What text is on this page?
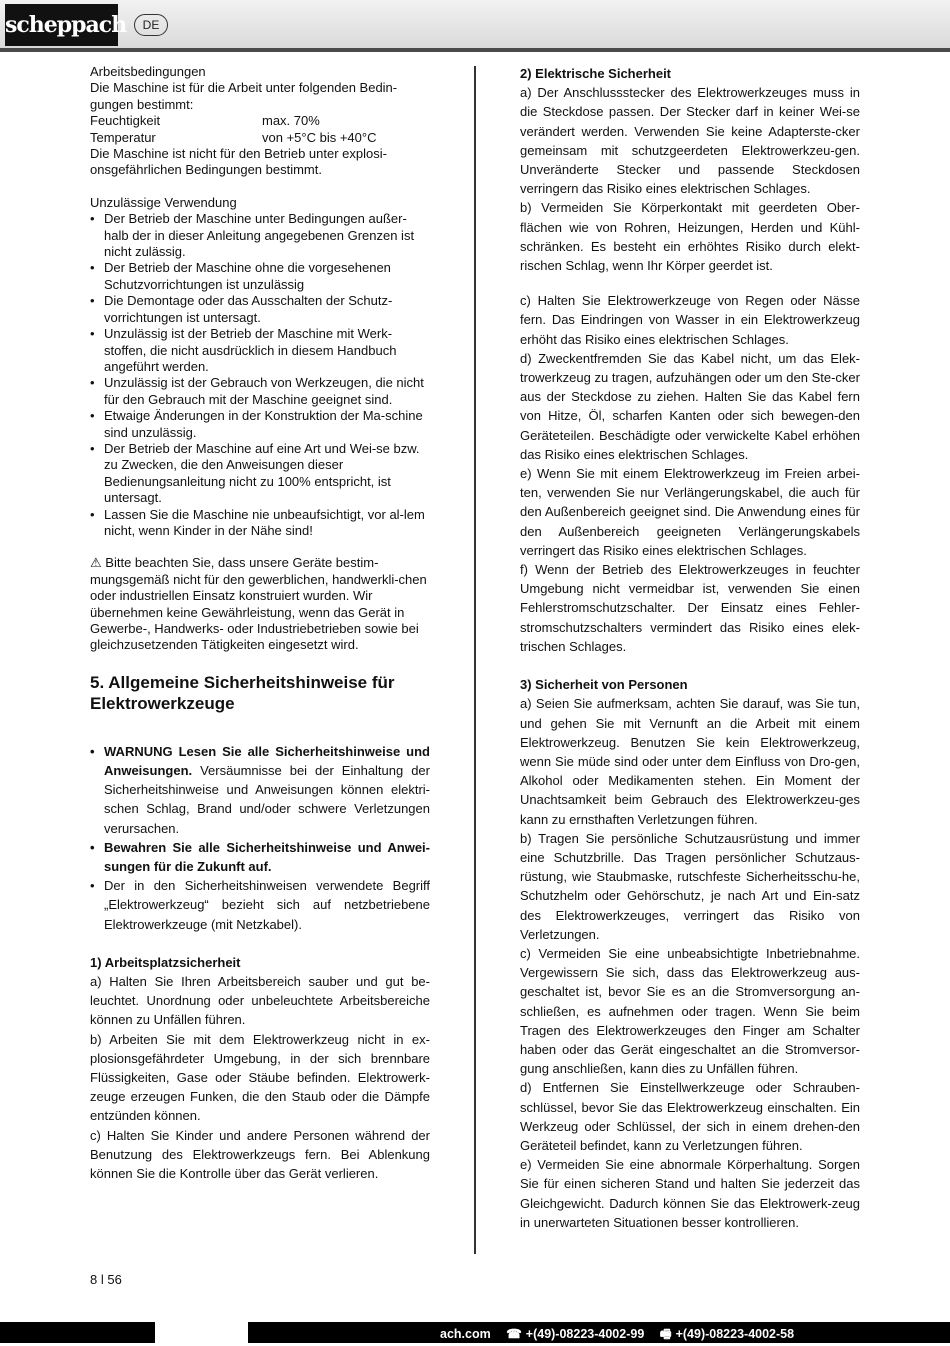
scheppach	DE

Arbeitsbedingungen

Die Maschine ist für die Arbeit unter folgenden Bedin-gungen bestimmt:

Feuchtigkeit	max. 70%
Temperatur	von +5°C bis +40°C

Die Maschine ist nicht für den Betrieb unter explosi-onsgefährlichen Bedingungen bestimmt.

Unzulässige Verwendung

• Der Betrieb der Maschine unter Bedingungen außer-halb der in dieser Anleitung angegebenen Grenzen ist nicht zulässig.
• Der Betrieb der Maschine ohne die vorgesehenen Schutzvorrichtungen ist unzulässig
• Die Demontage oder das Ausschalten der Schutz-vorrichtungen ist untersagt.
• Unzulässig ist der Betrieb der Maschine mit Werk-stoffen, die nicht ausdrücklich in diesem Handbuch angeführt werden.
• Unzulässig ist der Gebrauch von Werkzeugen, die nicht für den Gebrauch mit der Maschine geeignet sind.
• Etwaige Änderungen in der Konstruktion der Ma-schine sind unzulässig.
• Der Betrieb der Maschine auf eine Art und Wei-se bzw. zu Zwecken, die den Anweisungen dieser Bedienungsanleitung nicht zu 100% entspricht, ist untersagt.
• Lassen Sie die Maschine nie unbeaufsichtigt, vor al-lem nicht, wenn Kinder in der Nähe sind!

⚠ Bitte beachten Sie, dass unsere Geräte bestim-mungsgemäß nicht für den gewerblichen, handwerkli-chen oder industriellen Einsatz konstruiert wurden. Wir übernehmen keine Gewährleistung, wenn das Gerät in Gewerbe-, Handwerks- oder Industriebetrieben sowie bei gleichzusetzenden Tätigkeiten eingesetzt wird.

5. Allgemeine Sicherheitshinweise für Elektrowerkzeuge

• WARNUNG Lesen Sie alle Sicherheitshinweise und Anweisungen. Versäumnisse bei der Einhaltung der Sicherheitshinweise und Anweisungen können elektri-schen Schlag, Brand und/oder schwere Verletzungen verursachen.
• Bewahren Sie alle Sicherheitshinweise und Anwei-sungen für die Zukunft auf.
• Der in den Sicherheitshinweisen verwendete Begriff „Elektrowerkzeug“ bezieht sich auf netzbetriebene Elektrowerkzeuge (mit Netzkabel).

1) Arbeitsplatzsicherheit

a) Halten Sie Ihren Arbeitsbereich sauber und gut be-leuchtet. Unordnung oder unbeleuchtete Arbeitsbereiche können zu Unfällen führen.

b) Arbeiten Sie mit dem Elektrowerkzeug nicht in ex-plosionsgefährdeter Umgebung, in der sich brennbare Flüssigkeiten, Gase oder Stäube befinden. Elektrowerk-zeuge erzeugen Funken, die den Staub oder die Dämpfe entzünden können.

c) Halten Sie Kinder und andere Personen während der Benutzung des Elektrowerkzeugs fern. Bei Ablenkung können Sie die Kontrolle über das Gerät verlieren.

2) Elektrische Sicherheit

a) Der Anschlussstecker des Elektrowerkzeuges muss in die Steckdose passen. Der Stecker darf in keiner Wei-se verändert werden. Verwenden Sie keine Adapterste-cker gemeinsam mit schutzgeerdeten Elektrowerkzeu-gen. Unveränderte Stecker und passende Steckdosen verringern das Risiko eines elektrischen Schlages.

b) Vermeiden Sie Körperkontakt mit geerdeten Ober-flächen wie von Rohren, Heizungen, Herden und Kühl-schränken. Es besteht ein erhöhtes Risiko durch elekt-rischen Schlag, wenn Ihr Körper geerdet ist.

c) Halten Sie Elektrowerkzeuge von Regen oder Nässe fern. Das Eindringen von Wasser in ein Elektrowerkzeug erhöht das Risiko eines elektrischen Schlages.

d) Zweckentfremden Sie das Kabel nicht, um das Elek-trowerkzeug zu tragen, aufzuhängen oder um den Ste-cker aus der Steckdose zu ziehen. Halten Sie das Kabel fern von Hitze, Öl, scharfen Kanten oder sich bewegen-den Geräteteilen. Beschädigte oder verwickelte Kabel erhöhen das Risiko eines elektrischen Schlages.

e) Wenn Sie mit einem Elektrowerkzeug im Freien arbei-ten, verwenden Sie nur Verlängerungskabel, die auch für den Außenbereich geeignet sind. Die Anwendung eines für den Außenbereich geeigneten Verlängerungskabels verringert das Risiko eines elektrischen Schlages.

f) Wenn der Betrieb des Elektrowerkzeuges in feuchter Umgebung nicht vermeidbar ist, verwenden Sie einen Fehlerstromschutzschalter. Der Einsatz eines Fehler-stromschutzschalters vermindert das Risiko eines elek-trischen Schlages.

3) Sicherheit von Personen

a) Seien Sie aufmerksam, achten Sie darauf, was Sie tun, und gehen Sie mit Vernunft an die Arbeit mit einem Elektrowerkzeug. Benutzen Sie kein Elektrowerkzeug, wenn Sie müde sind oder unter dem Einfluss von Dro-gen, Alkohol oder Medikamenten stehen. Ein Moment der Unachtsamkeit beim Gebrauch des Elektrowerkzeu-ges kann zu ernsthaften Verletzungen führen.

b) Tragen Sie persönliche Schutzausrüstung und immer eine Schutzbrille. Das Tragen persönlicher Schutzaus-rüstung, wie Staubmaske, rutschfeste Sicherheitsschu-he, Schutzhelm oder Gehörschutz, je nach Art und Ein-satz des Elektrowerkzeuges, verringert das Risiko von Verletzungen.

c) Vermeiden Sie eine unbeabsichtigte Inbetriebnahme. Vergewissern Sie sich, dass das Elektrowerkzeug aus-geschaltet ist, bevor Sie es an die Stromversorgung an-schließen, es aufnehmen oder tragen. Wenn Sie beim Tragen des Elektrowerkzeuges den Finger am Schalter haben oder das Gerät eingeschaltet an die Stromversor-gung anschließen, kann dies zu Unfällen führen.

d) Entfernen Sie Einstellwerkzeuge oder Schrauben-schlüssel, bevor Sie das Elektrowerkzeug einschalten. Ein Werkzeug oder Schlüssel, der sich in einem drehen-den Geräteteil befindet, kann zu Verletzungen führen.

e) Vermeiden Sie eine abnormale Körperhaltung. Sorgen Sie für einen sicheren Stand und halten Sie jederzeit das Gleichgewicht. Dadurch können Sie das Elektrowerk-zeug in unerwarteten Situationen besser kontrollieren.

8 l 56
ach.com ☎ +(49)-08223-4002-99 🖷 +(49)-08223-4002-58
